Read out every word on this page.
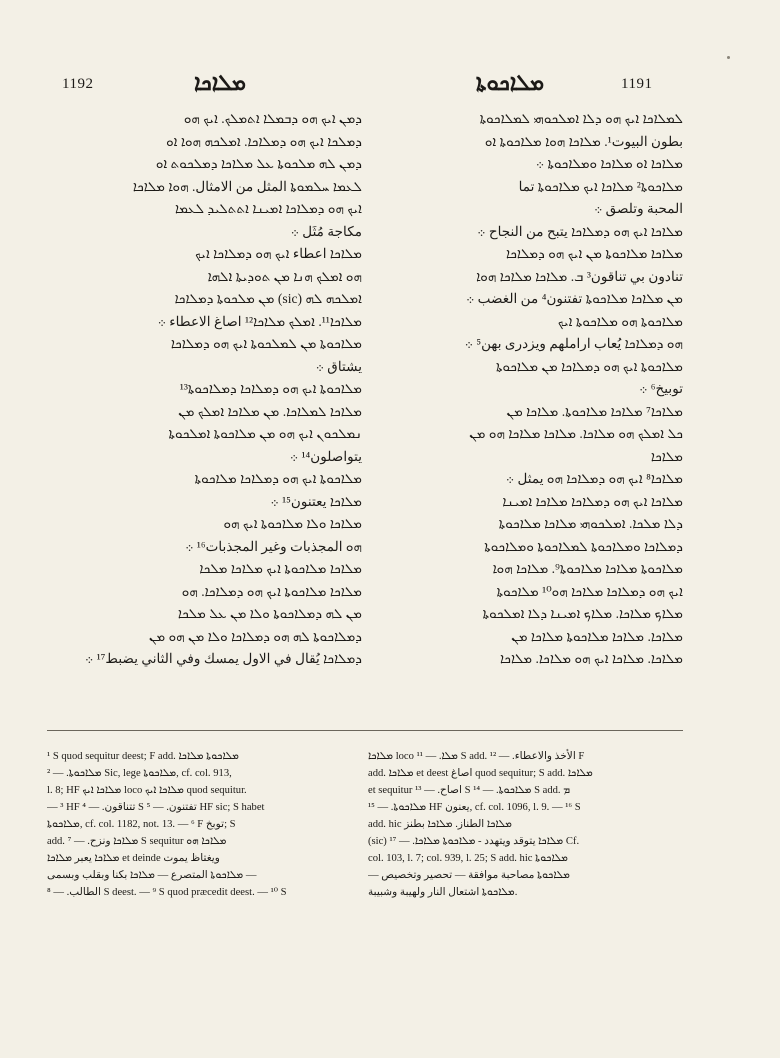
1192	ܡܠܐܟܐ	ܡܠܐܟܘܬܐ	1191
ܕܡܢ ܐܝܟ ܗܘ ܕܒܡܠܐ ܐܬܡܠܟ. ܐܝܟ ܗܘ
ܕܡܠܟܐ ܐܝܟ ܗܘ ܕܡܠܐܟܐ. ܐܡܠܟܗ ܗܘܐ ܐܘ
ܕܡܢ ܠܗ ܡܠܟܘܬܐ ܥܠ ܡܠܐܟܐ ܕܡܠܟܘܬ ܐܘ
ܠܥܡܐ ܚܠܡܘܬܐ المثل من الامثال. ܗܘܐ ܡܠܐܟܐ
ܐܝܟ ܗܘ ܕܡܠܐܟܐ ܐܡܝܢܐ ܐܬܬܠܝܕ ܠܥܡܐ
مكاجة مُثَل ܀
ܡܠܐܟܐ اعطاء ܐܝܟ ܗܘ ܕܡܠܐܟܐ ܐܝܟ
ܗܘ ܐܡܠܟ ܗܢܐ ܡܢ ܬܘܕܝܬܐ ܐܠܗܐ
ܐܡܠܟܗ ܠܗ (sic) ܡܢ ܡܠܟܘܬܐ ܕܡܠܐܟܐ
ܡܠܐܟܐ¹¹. ܐܡܠܟ ܡܠܐܟܐ¹² اصاغ الاعطاء ܀
ܡܠܐܟܘܬܐ ܡܢ ܠܡܠܟܘܬܐ ܐܝܟ ܗܘ ܕܡܠܐܟܐ
يشتاق ܀
ܡܠܐܟܘܬܐ ܐܝܟ ܗܘ ܕܡܠܐܟܐ ܕܡܠܐܟܘܬܐ¹³
ܡܠܐܟܐ ܠܡܠܐܟܐ. ܡܢ ܡܠܐܟܐ ܐܡܠܟ ܡܢ
ܢܡܠܟܘܢ ܐܝܟ ܗܘ ܡܢ ܡܠܐܟܘܬܐ ܐܡܠܟܘܬܐ
يتواصلون¹⁴ ܀
ܡܠܐܟܘܬܐ ܐܝܟ ܗܘ ܕܡܠܐܟܐ ܡܠܐܟܘܬܐ
ܡܠܐܟܐ يعتنون¹⁵ ܀
ܡܠܐܟܐ ܘܠܐ ܡܠܐܟܘܬܐ ܐܝܟ ܗܘ
ܗܘ المجذبات وغير المجذبات¹⁶ ܀
ܡܠܐܟܐ ܡܠܐܟܘܬܐ ܐܝܟ ܡܠܐܟܐ ܡܠܟܐ
ܡܠܐܟܐ ܡܠܐܟܘܬܐ ܐܝܟ ܗܘ ܕܡܠܐܟܐ. ܗܘ
ܡܢ ܠܗ ܕܡܠܐܟܘܬܐ ܘܠܐ ܡܢ ܥܠ ܡܠܟܐ
ܕܡܠܐܟܘܬܐ ܠܗ ܗܘ ܕܡܠܐܟܐ ܘܠܐ ܡܢ ܗܘ ܡܢ
ܕܡܠܐܟܐ يُقال في الاول يمسك وفي الثاني يضبط¹⁷ ܀
ܠܡܠܐܟܐ ܐܝܟ ܗܘ ܕܠܐ ܐܡܠܟܘܗܝ ܠܡܠܐܟܘܬܐ
بطون البيوت¹. ܡܠܐܟܐ ܗܘܐ ܡܠܐܟܘܬܐ ܐܘ
ܡܠܐܟܐ ܐܘ ܡܠܐܟܐ ܘܡܠܐܟܘܬܐ ܀
ܡܠܐܟܘܬܐ² ܡܠܐܟܐ ܐܝܟ ܡܠܐܟܘܬܐ تما
المحبة وتلصق ܀
ܡܠܐܟܐ ܐܝܟ ܗܘ ܕܡܠܐܟܐ يتبح من النجاح ܀
ܡܠܐܟܐ ܡܠܐܟܘܬܐ ܡܢ ܐܝܟ ܗܘ ܕܡܠܐܟܐ
تنادون بي تناقون³ ܒ. ܡܠܐܟܐ ܡܠܐܟܐ ܗܘܐ
ܡܢ ܡܠܐܟܐ ܡܠܐܟܘܬܐ تفتنون⁴ من الغضب ܀
ܡܠܐܟܘܬܐ ܗܘ ܡܠܐܟܘܬܐ ܐܝܟ
ܗܘ ܕܡܠܐܟܐ يُعاب اراملهم ويزدرى بهن⁵ ܀
ܡܠܐܟܘܬܐ ܐܝܟ ܗܘ ܕܡܠܐܟܐ ܡܢ ܡܠܐܟܘܬܐ
توبيخ⁶ ܀
ܡܠܐܟܐ⁷ ܡܠܐܟܐ ܡܠܐܟܘܬܐ. ܡܠܐܟܐ ܡܢ
ܟܠ ܐܡܠܟ ܗܘ ܡܠܐܟܐ. ܡܠܐܟܐ ܡܠܐܟܐ ܗܘ ܡܢ
ܡܠܐܟܐ
ܡܠܐܟܐ⁸ ܐܝܟ ܗܘ ܕܡܠܐܟܐ ܗܘ يمثل ܀
ܡܠܐܟܐ ܐܝܟ ܗܘ ܕܡܠܐܟܐ ܡܠܐܟܐ ܐܡܝܢܐ
ܕܠܐ ܡܠܟܐ. ܐܡܠܟܘܗܝ ܡܠܐܟܐ ܡܠܐܟܘܬܐ
ܕܡܠܐܟܐ ܘܡܠܐܟܘܬܐ ܠܡܠܐܟܘܬܐ ܘܡܠܐܟܘܬܐ
ܡܠܐܟܘܬܐ ܡܠܐܟܐ ܡܠܐܟܘܬܐ⁹. ܡܠܐܟܐ ܗܘܐ
ܐܝܟ ܗܘ ܕܡܠܐܟܐ ܡܠܐܟܐ ܗܘ¹⁰ ܡܠܐܟܘܬܐ
ܡܠܐܟ ܡܠܐܟܐ. ܡܠܐܟ ܐܡܝܢܐ ܕܠܐ ܐܡܠܟܘܬܐ
ܡܠܐܟܐ. ܡܠܐܟܐ ܡܠܐܟܘܬܐ ܡܠܐܟܐ ܡܢ
ܡܠܐܟܐ. ܡܠܐܟܐ ܐܝܟ ܗܘ ܡܠܐܟܐ. ܡܠܐܟܐ
¹ S quod sequitur deest; F add. ܡܠܐܟܘܬܐ ܡܠܐܟܐ
ܡܠܐܟܘܬܐ. — ² Sic, lege ܡܠܐܟܘܬܐ, cf. col. 913,
l. 8; HF ܡܠܐܟܐ ܐܝܟ loco ܡܠܐܟܐ ܐܝܟ quod sequitur.
— ³ HF تتناقون. — ⁴ S تفتنون. — ⁵ HF sic; S habet
ܡܠܐܟܘܬܐ, cf. col. 1182, not. 13. — ⁶ F توبخ; S
add. ܡܠܐܟܐ ونزح. — ⁷ S sequitur ܡܠܐܟܐ ܗܘ
ܡܠܐܟܐ يعبر ܡܠܐܟܐ et deinde ويغتاظ يموت
ܡܠܐܟܘܬܐ المتصرع — ܡܠܐܟܐ بكنا وبقلب وبسمى —
الطالب. — ⁸ S deest. — ⁹ S quod præcedit deest. — ¹⁰ S
ܡܠܐܟܐ loco ܡܠܐ. — ¹¹ S add. الأخذ والاعطاء. — ¹² F
add. ܡܠܐܟܐ et deest اصاغ quod sequitur; S add. ܡܠܐܟܐ
et sequitur اصاح. — ¹³ S ܡܠܐܟܘܬܐ. — ¹⁴ S add. ܡ
ܡܠܐܟܘܬܐ. — ¹⁵ HF يعنون, cf. col. 1096, l. 9. — ¹⁶ S
add. hic ܡܠܐܟܐ الطناز. ܡܠܐܟܐ بطنز
(sic) ܡܠܐܟܐ يتوقد ويتهدد - ܡܠܐܟܘܬܐ ܡܠܐܟܐ. — ¹⁷ Cf.
col. 103, l. 7; col. 939, l. 25; S add. hic ܡܠܐܟܘܬܐ
— ܡܠܐܟܘܬܐ مصاحبة موافقة — تحصير وتخصيص
ܡܠܐܟܘܬܐ اشتعال النار ولهيبة وشبيبة.
